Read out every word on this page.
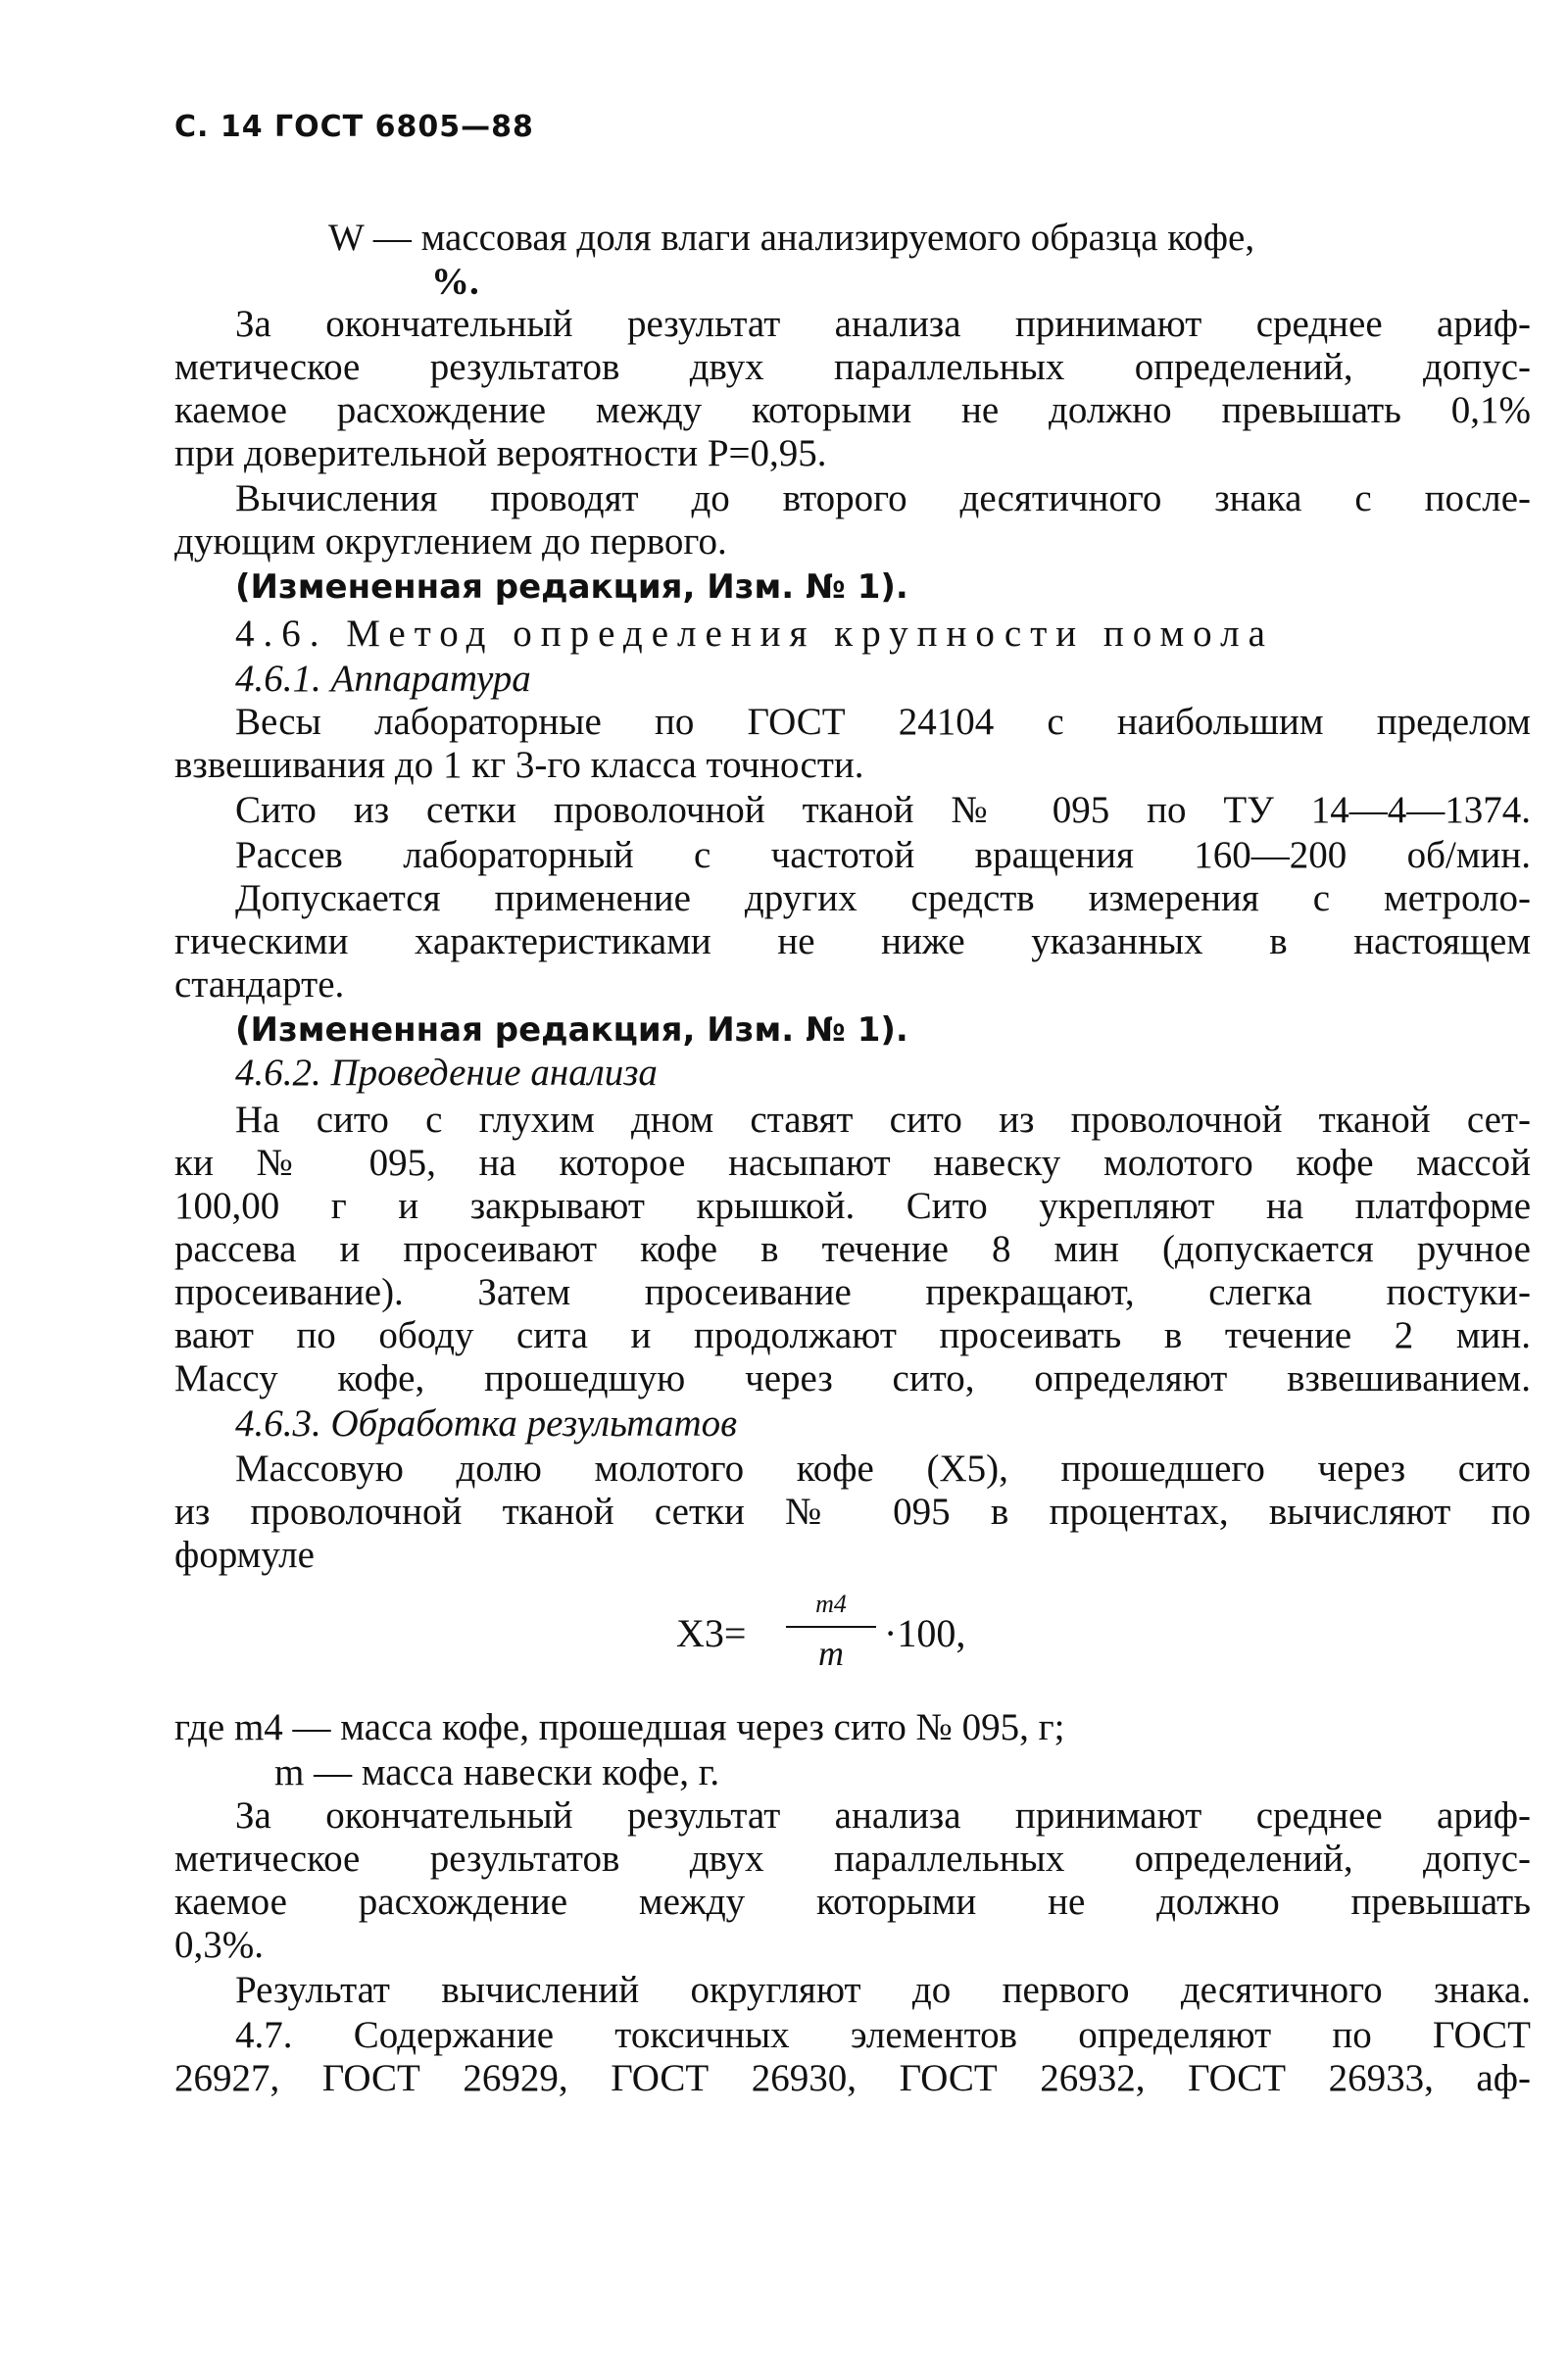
С. 14 ГОСТ 6805—88
W — массовая доля влаги анализируемого образца кофе,
%.
За окончательный результат анализа принимают среднее ариф-
метическое результатов двух параллельных определений, допус-
каемое расхождение между которыми не должно превышать 0,1%
при доверительной вероятности P=0,95.
Вычисления проводят до второго десятичного знака с после-
дующим округлением до первого.
(Измененная редакция, Изм. № 1).
4.6. Метод определения крупности помола
4.6.1. Аппаратура
Весы лабораторные по ГОСТ 24104 с наибольшим пределом
взвешивания до 1 кг 3-го класса точности.
Сито из сетки проволочной тканой № 095 по ТУ 14—4—1374.
Рассев лабораторный с частотой вращения 160—200 об/мин.
Допускается применение других средств измерения с метроло-
гическими характеристиками не ниже указанных в настоящем
стандарте.
(Измененная редакция, Изм. № 1).
4.6.2. Проведение анализа
На сито с глухим дном ставят сито из проволочной тканой сет-
ки № 095, на которое насыпают навеску молотого кофе массой
100,00 г и закрывают крышкой. Сито укрепляют на платформе
рассева и просеивают кофе в течение 8 мин (допускается ручное
просеивание). Затем просеивание прекращают, слегка постуки-
вают по ободу сита и продолжают просеивать в течение 2 мин.
Массу кофе, прошедшую через сито, определяют взвешиванием.
4.6.3. Обработка результатов
Массовую долю молотого кофе (X5), прошедшего через сито
из проволочной тканой сетки № 095 в процентах, вычисляют по
формуле
X3=
m4
m	·100,
где m4 — масса кофе, прошедшая через сито № 095, г;
m — масса навески кофе, г.
За окончательный результат анализа принимают среднее ариф-
метическое результатов двух параллельных определений, допус-
каемое расхождение между которыми не должно превышать
0,3%.
Результат вычислений округляют до первого десятичного знака.
4.7. Содержание токсичных элементов определяют по ГОСТ
26927, ГОСТ 26929, ГОСТ 26930, ГОСТ 26932, ГОСТ 26933, аф-
